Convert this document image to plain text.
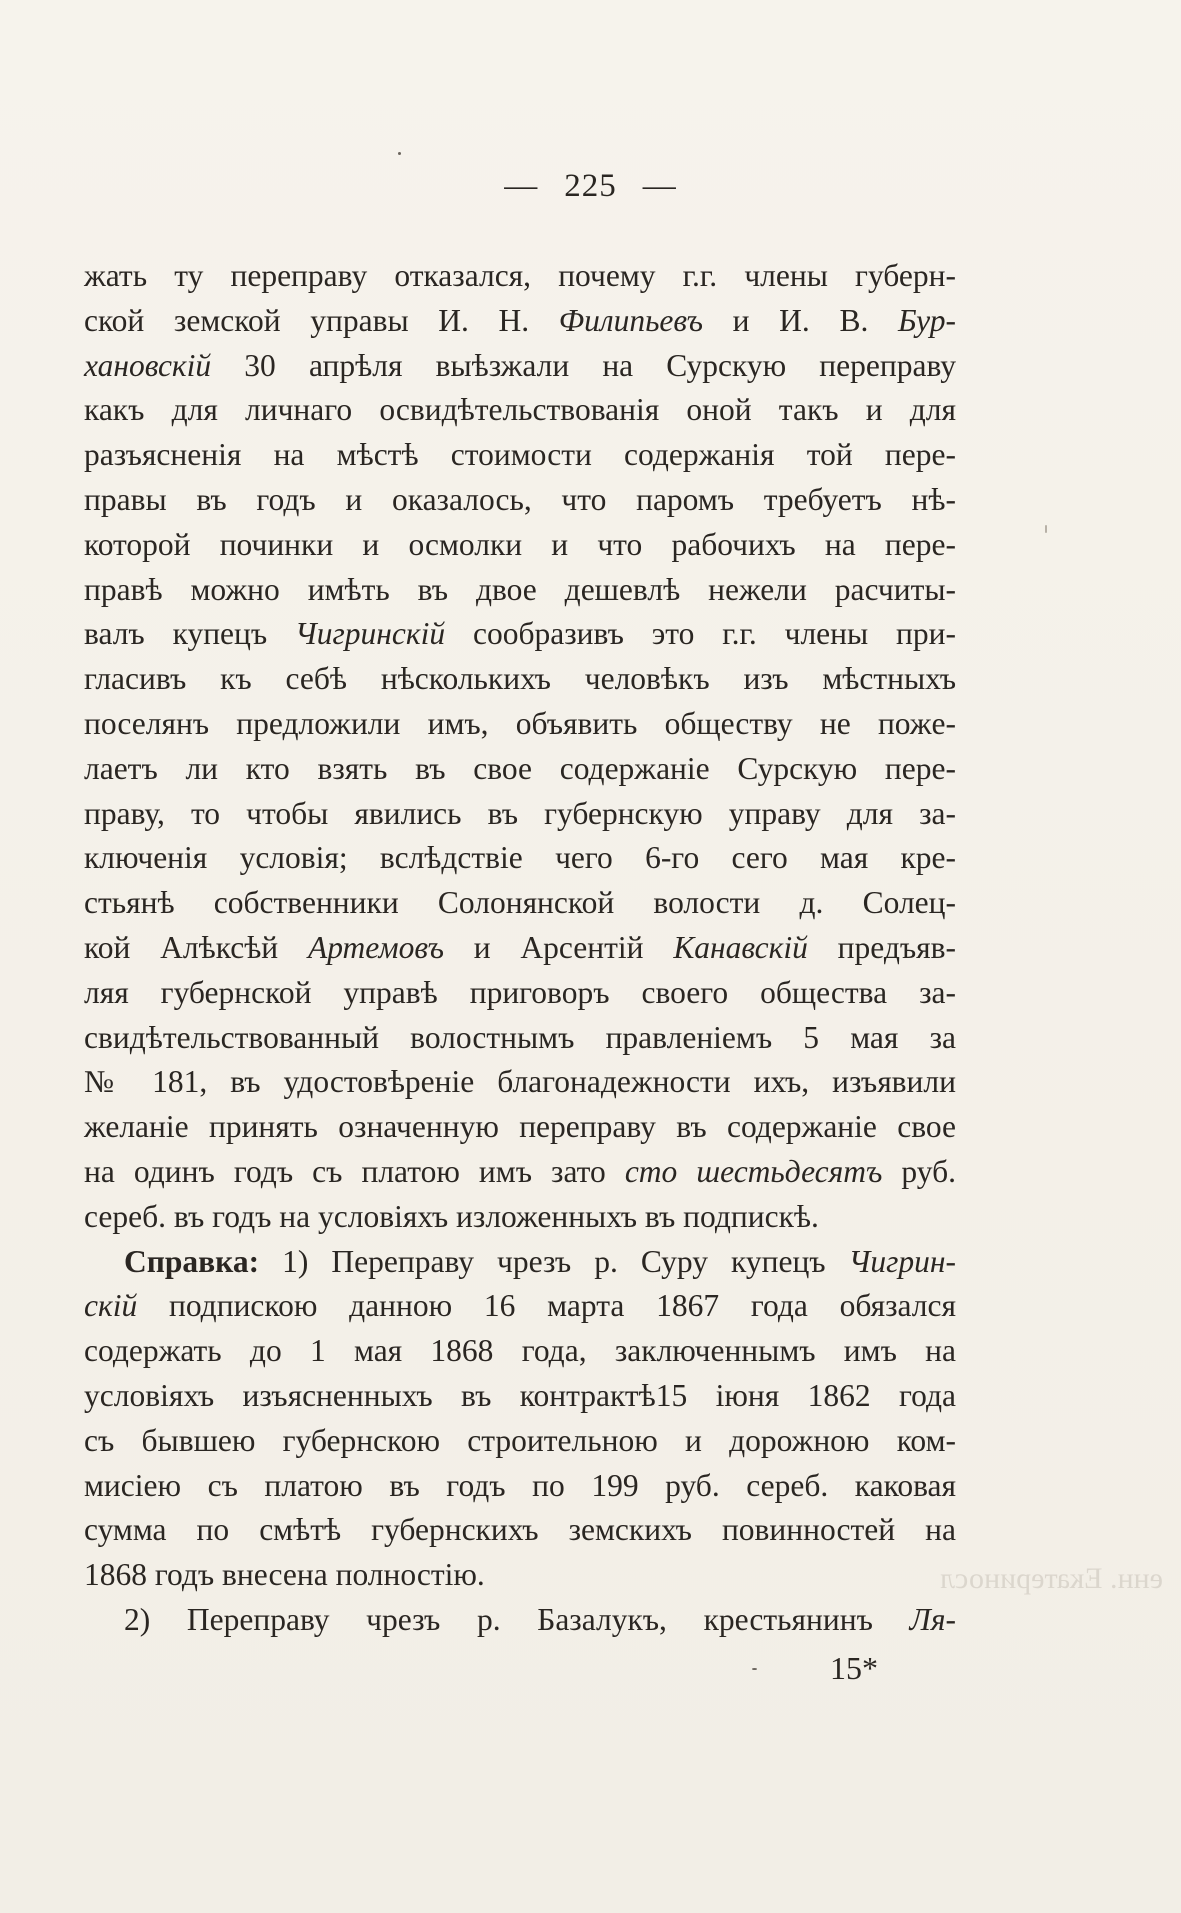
— 225 —
жать ту переправу отказался, почему г.г. члены губерн-
ской земской управы И. Н. Филипьевъ и И. В. Бур-
хановскій 30 апрѣля выѣзжали на Сурскую переправу
какъ для личнаго освидѣтельствованія оной такъ и для
разъясненія на мѣстѣ стоимости содержанія той пере-
правы въ годъ и оказалось, что паромъ требуетъ нѣ-
которой починки и осмолки и что рабочихъ на пере-
правѣ можно имѣть въ двое дешевлѣ нежели расчиты-
валъ купецъ Чигринскій сообразивъ это г.г. члены при-
гласивъ къ себѣ нѣсколькихъ человѣкъ изъ мѣстныхъ
поселянъ предложили имъ, объявить обществу не пожe-
лаетъ ли кто взять въ свое содержаніе Сурскую пере-
праву, то чтобы явились въ губернскую управу для за-
ключенія условія; вслѣдствіе чего 6-го сего мая кре-
стьянѣ собственники Солонянской волости д. Солец-
кой Алѣксѣй Артемовъ и Арсентій Канавскій предъяв-
ляя губернской управѣ приговоръ своего общества за-
свидѣтельствованный волостнымъ правленіемъ 5 мая за
№ 181, въ удостовѣреніе благонадежности ихъ, изъявили
желаніе принять означенную переправу въ содержаніе свое
на одинъ годъ съ платою имъ зато сто шестьдесятъ руб.
сереб. въ годъ на условіяхъ изложенныхъ въ подпискѣ.
Справка: 1) Переправу чрезъ р. Суру купецъ Чигрин-
скій подпискою данною 16 марта 1867 года обязался
содержать до 1 мая 1868 года, заключеннымъ имъ на
условіяхъ изъясненныхъ въ контрактѣ15 іюня 1862 года
съ бывшею губернскою строительною и дорожною ком-
мисіею съ платою въ годъ по 199 руб. сереб. каковая
сумма по смѣтѣ губернскихъ земскихъ повинностей на
1868 годъ внесена полностію.
2) Переправу чрезъ р. Базалукъ, крестьянинъ Ля-
енн. Екатериносл
15*
